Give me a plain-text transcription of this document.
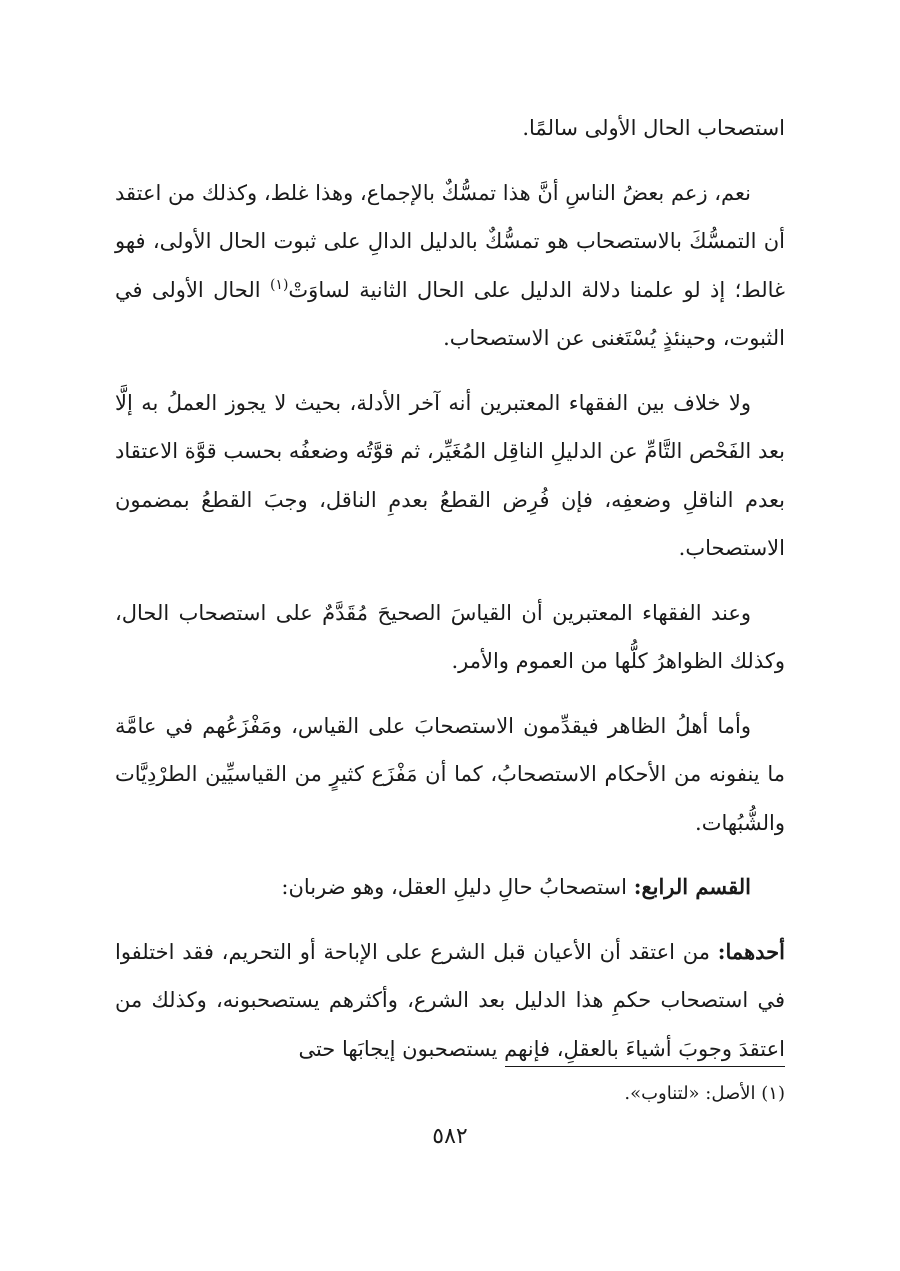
استصحاب الحال الأولى سالمًا.

نعم، زعم بعضُ الناسِ أنَّ هذا تمسُّكٌ بالإجماع، وهذا غلط، وكذلك من اعتقد أن التمسُّكَ بالاستصحاب هو تمسُّكٌ بالدليل الدالِ على ثبوت الحال الأولى، فهو غالط؛ إذ لو علمنا دلالة الدليل على الحال الثانية لساوَتْ$^{(١)}$ الحال الأولى في الثبوت، وحينئذٍ يُسْتَغنى عن الاستصحاب.

ولا خلاف بين الفقهاء المعتبرين أنه آخر الأدلة، بحيث لا يجوز العملُ به إلَّا بعد الفَحْص التَّامِّ عن الدليلِ الناقِل المُغَيِّر، ثم قوَّتُه وضعفُه بحسب قوَّة الاعتقاد بعدم الناقلِ وضعفِه، فإن فُرِض القطعُ بعدمِ الناقل، وجبَ القطعُ بمضمون الاستصحاب.

وعند الفقهاء المعتبرين أن القياسَ الصحيحَ مُقَدَّمٌ على استصحاب الحال، وكذلك الظواهرُ كلُّها من العموم والأمر.

وأما أهلُ الظاهر فيقدِّمون الاستصحابَ على القياس، ومَفْزَعُهم في عامَّة ما ينفونه من الأحكام الاستصحابُ، كما أن مَفْزَع كثيرٍ من القياسيِّين الطرْدِيَّات والشُّبُهات.

القسم الرابع: استصحابُ حالِ دليلِ العقل، وهو ضربان:

أحدهما: من اعتقد أن الأعيان قبل الشرع على الإباحة أو التحريم، فقد اختلفوا في استصحاب حكمِ هذا الدليل بعد الشرع، وأكثرهم يستصحبونه، وكذلك من اعتقدَ وجوبَ أشياءَ بالعقلِ، فإنهم يستصحبون إيجابَها حتى

(١) الأصل: «لتناوب».
٥٨٢
